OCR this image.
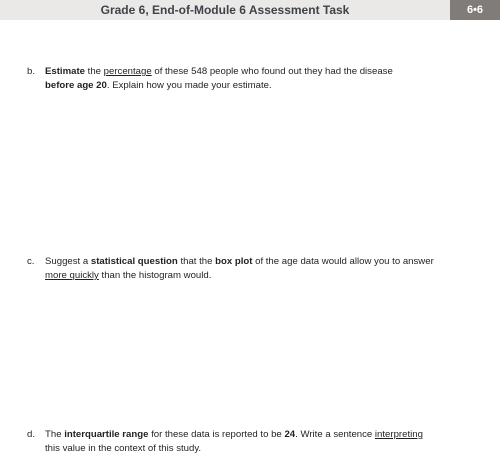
Grade 6, End-of-Module 6 Assessment Task	6•6
b. Estimate the percentage of these 548 people who found out they had the disease
before age 20. Explain how you made your estimate.
c. Suggest a statistical question that the box plot of the age data would allow you to answer
more quickly than the histogram would.
d. The interquartile range for these data is reported to be 24. Write a sentence interpreting
this value in the context of this study.
